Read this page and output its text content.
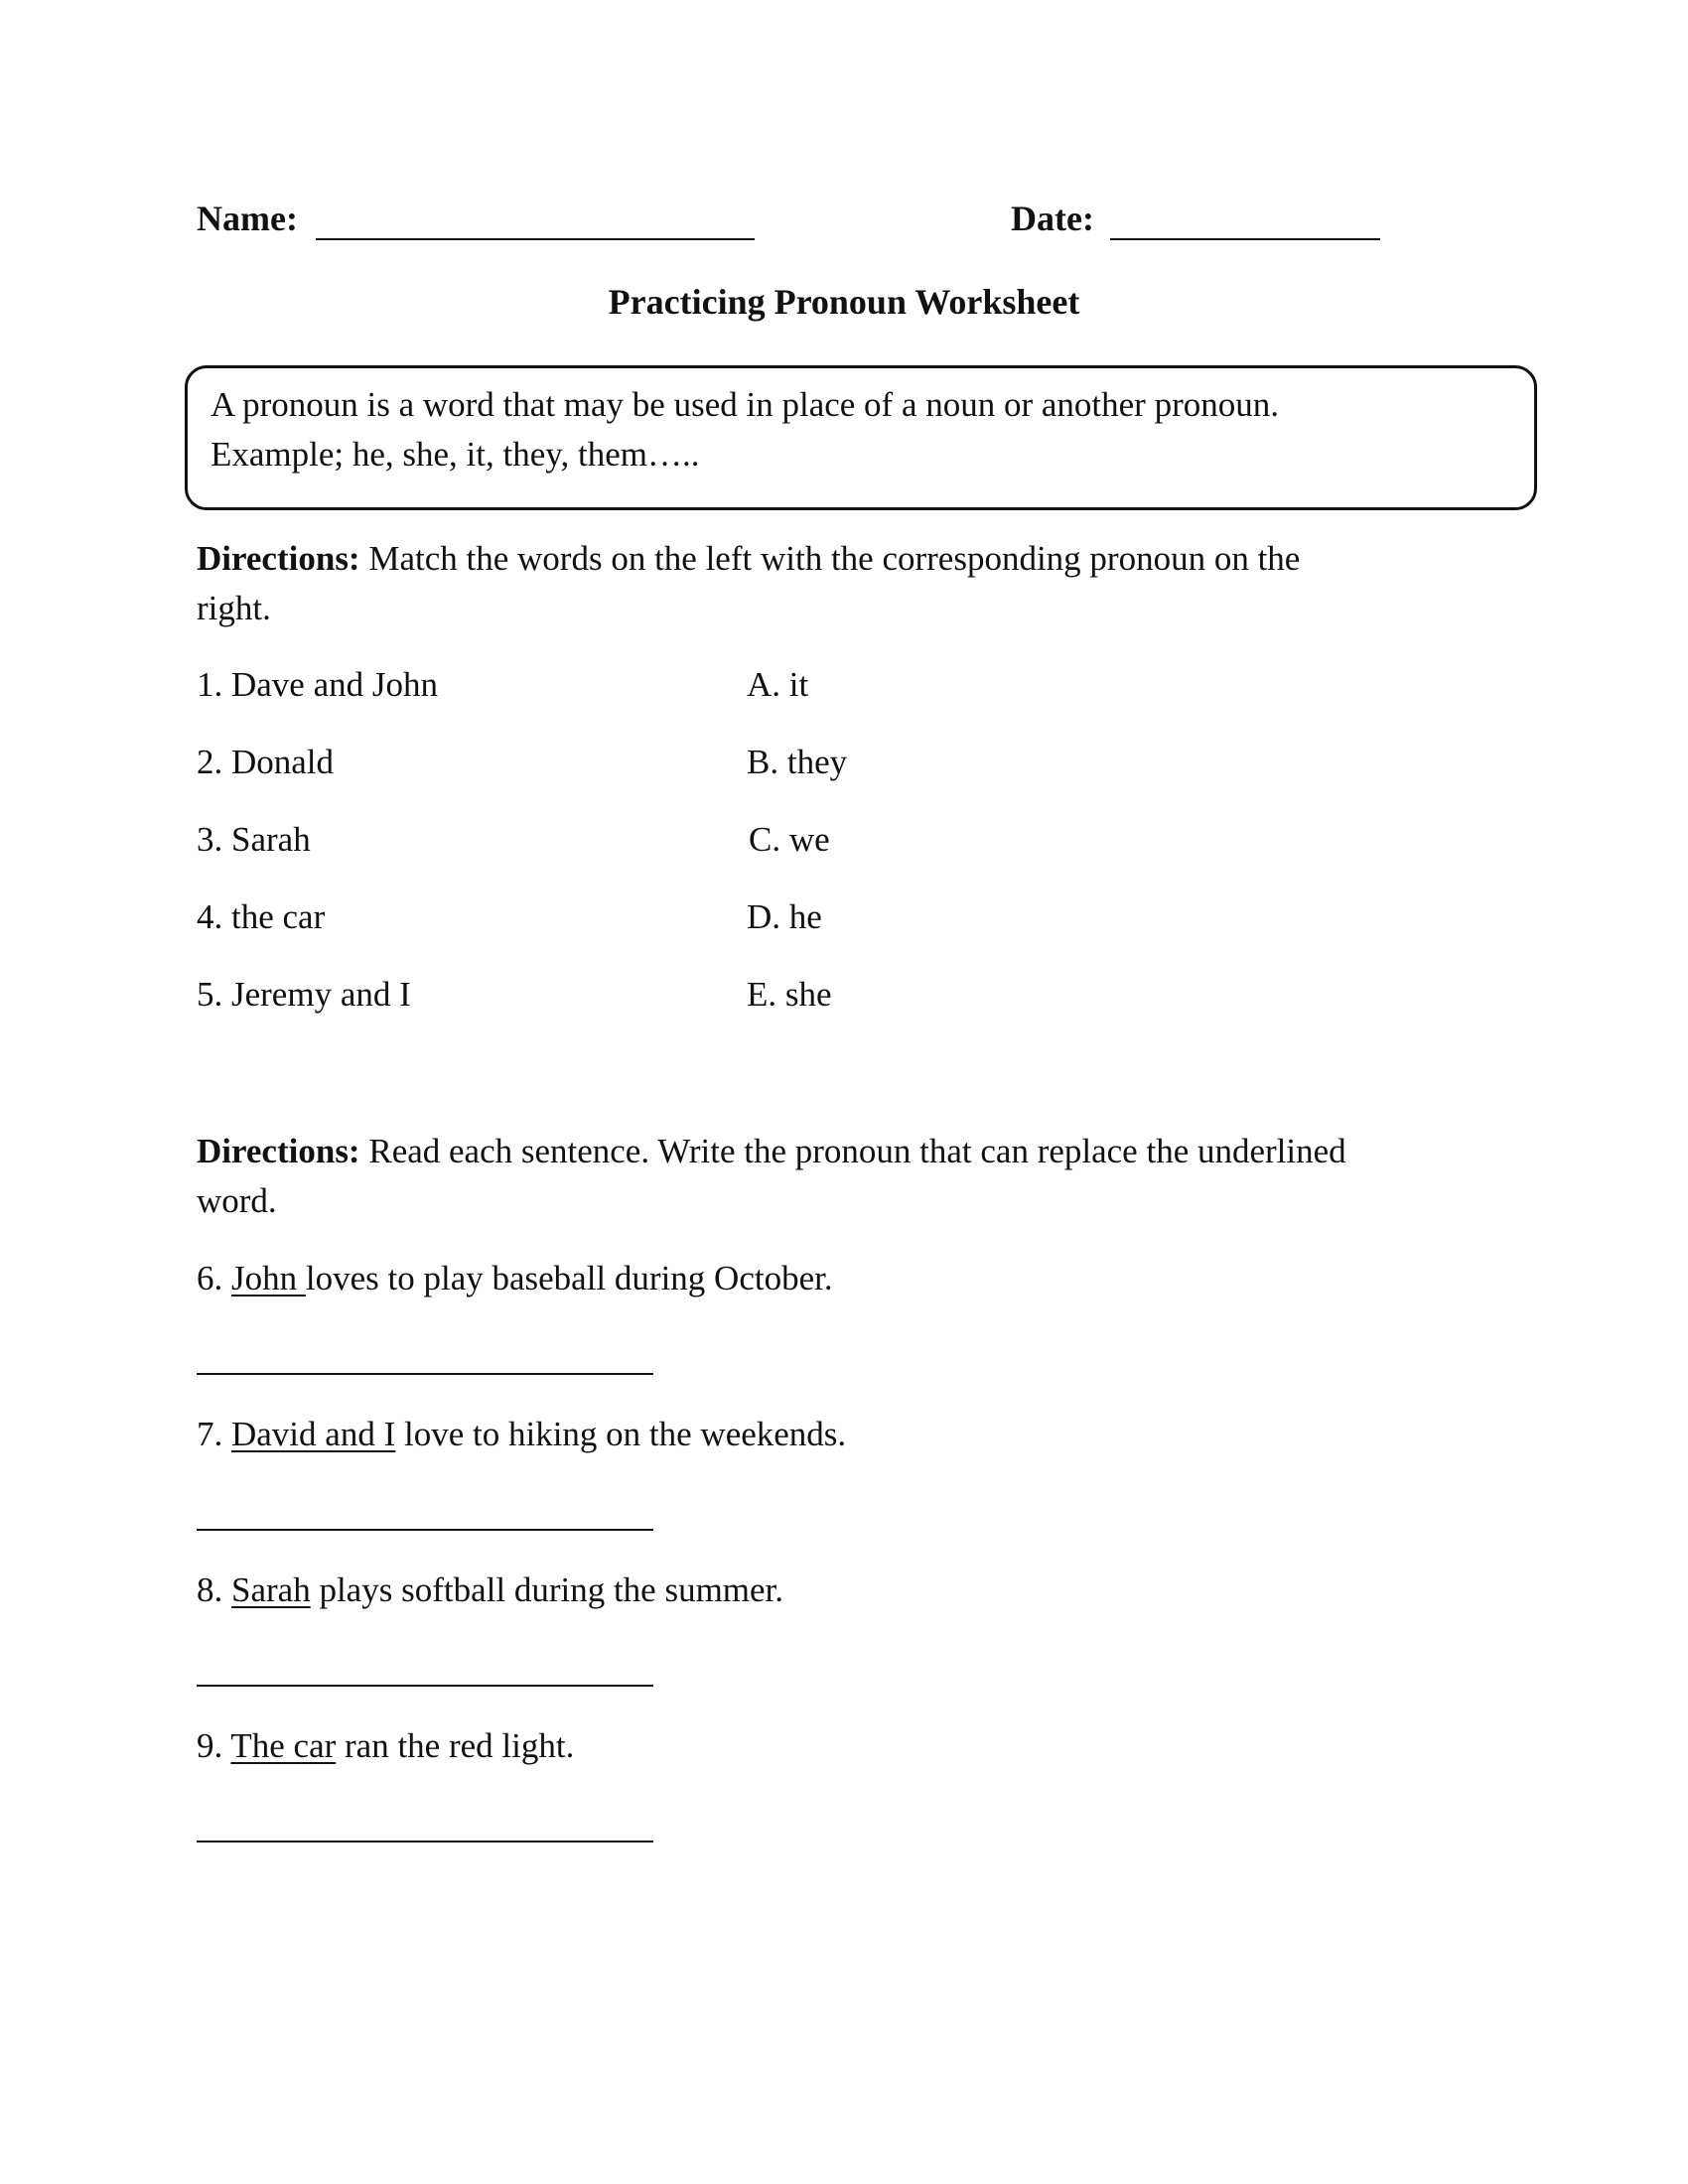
Name:	Date:
Practicing Pronoun Worksheet
A pronoun is a word that may be used in place of a noun or another pronoun.
Example; he, she, it, they, them…..
Directions: Match the words on the left with the corresponding pronoun on the
right.
1. Dave and John
2. Donald
3. Sarah
4. the car
5. Jeremy and I
A. it
B. they
C. we
D. he
E. she
Directions: Read each sentence. Write the pronoun that can replace the underlined
word.
6. John loves to play baseball during October.
7. David and I love to hiking on the weekends.
8. Sarah plays softball during the summer.
9. The car ran the red light.
